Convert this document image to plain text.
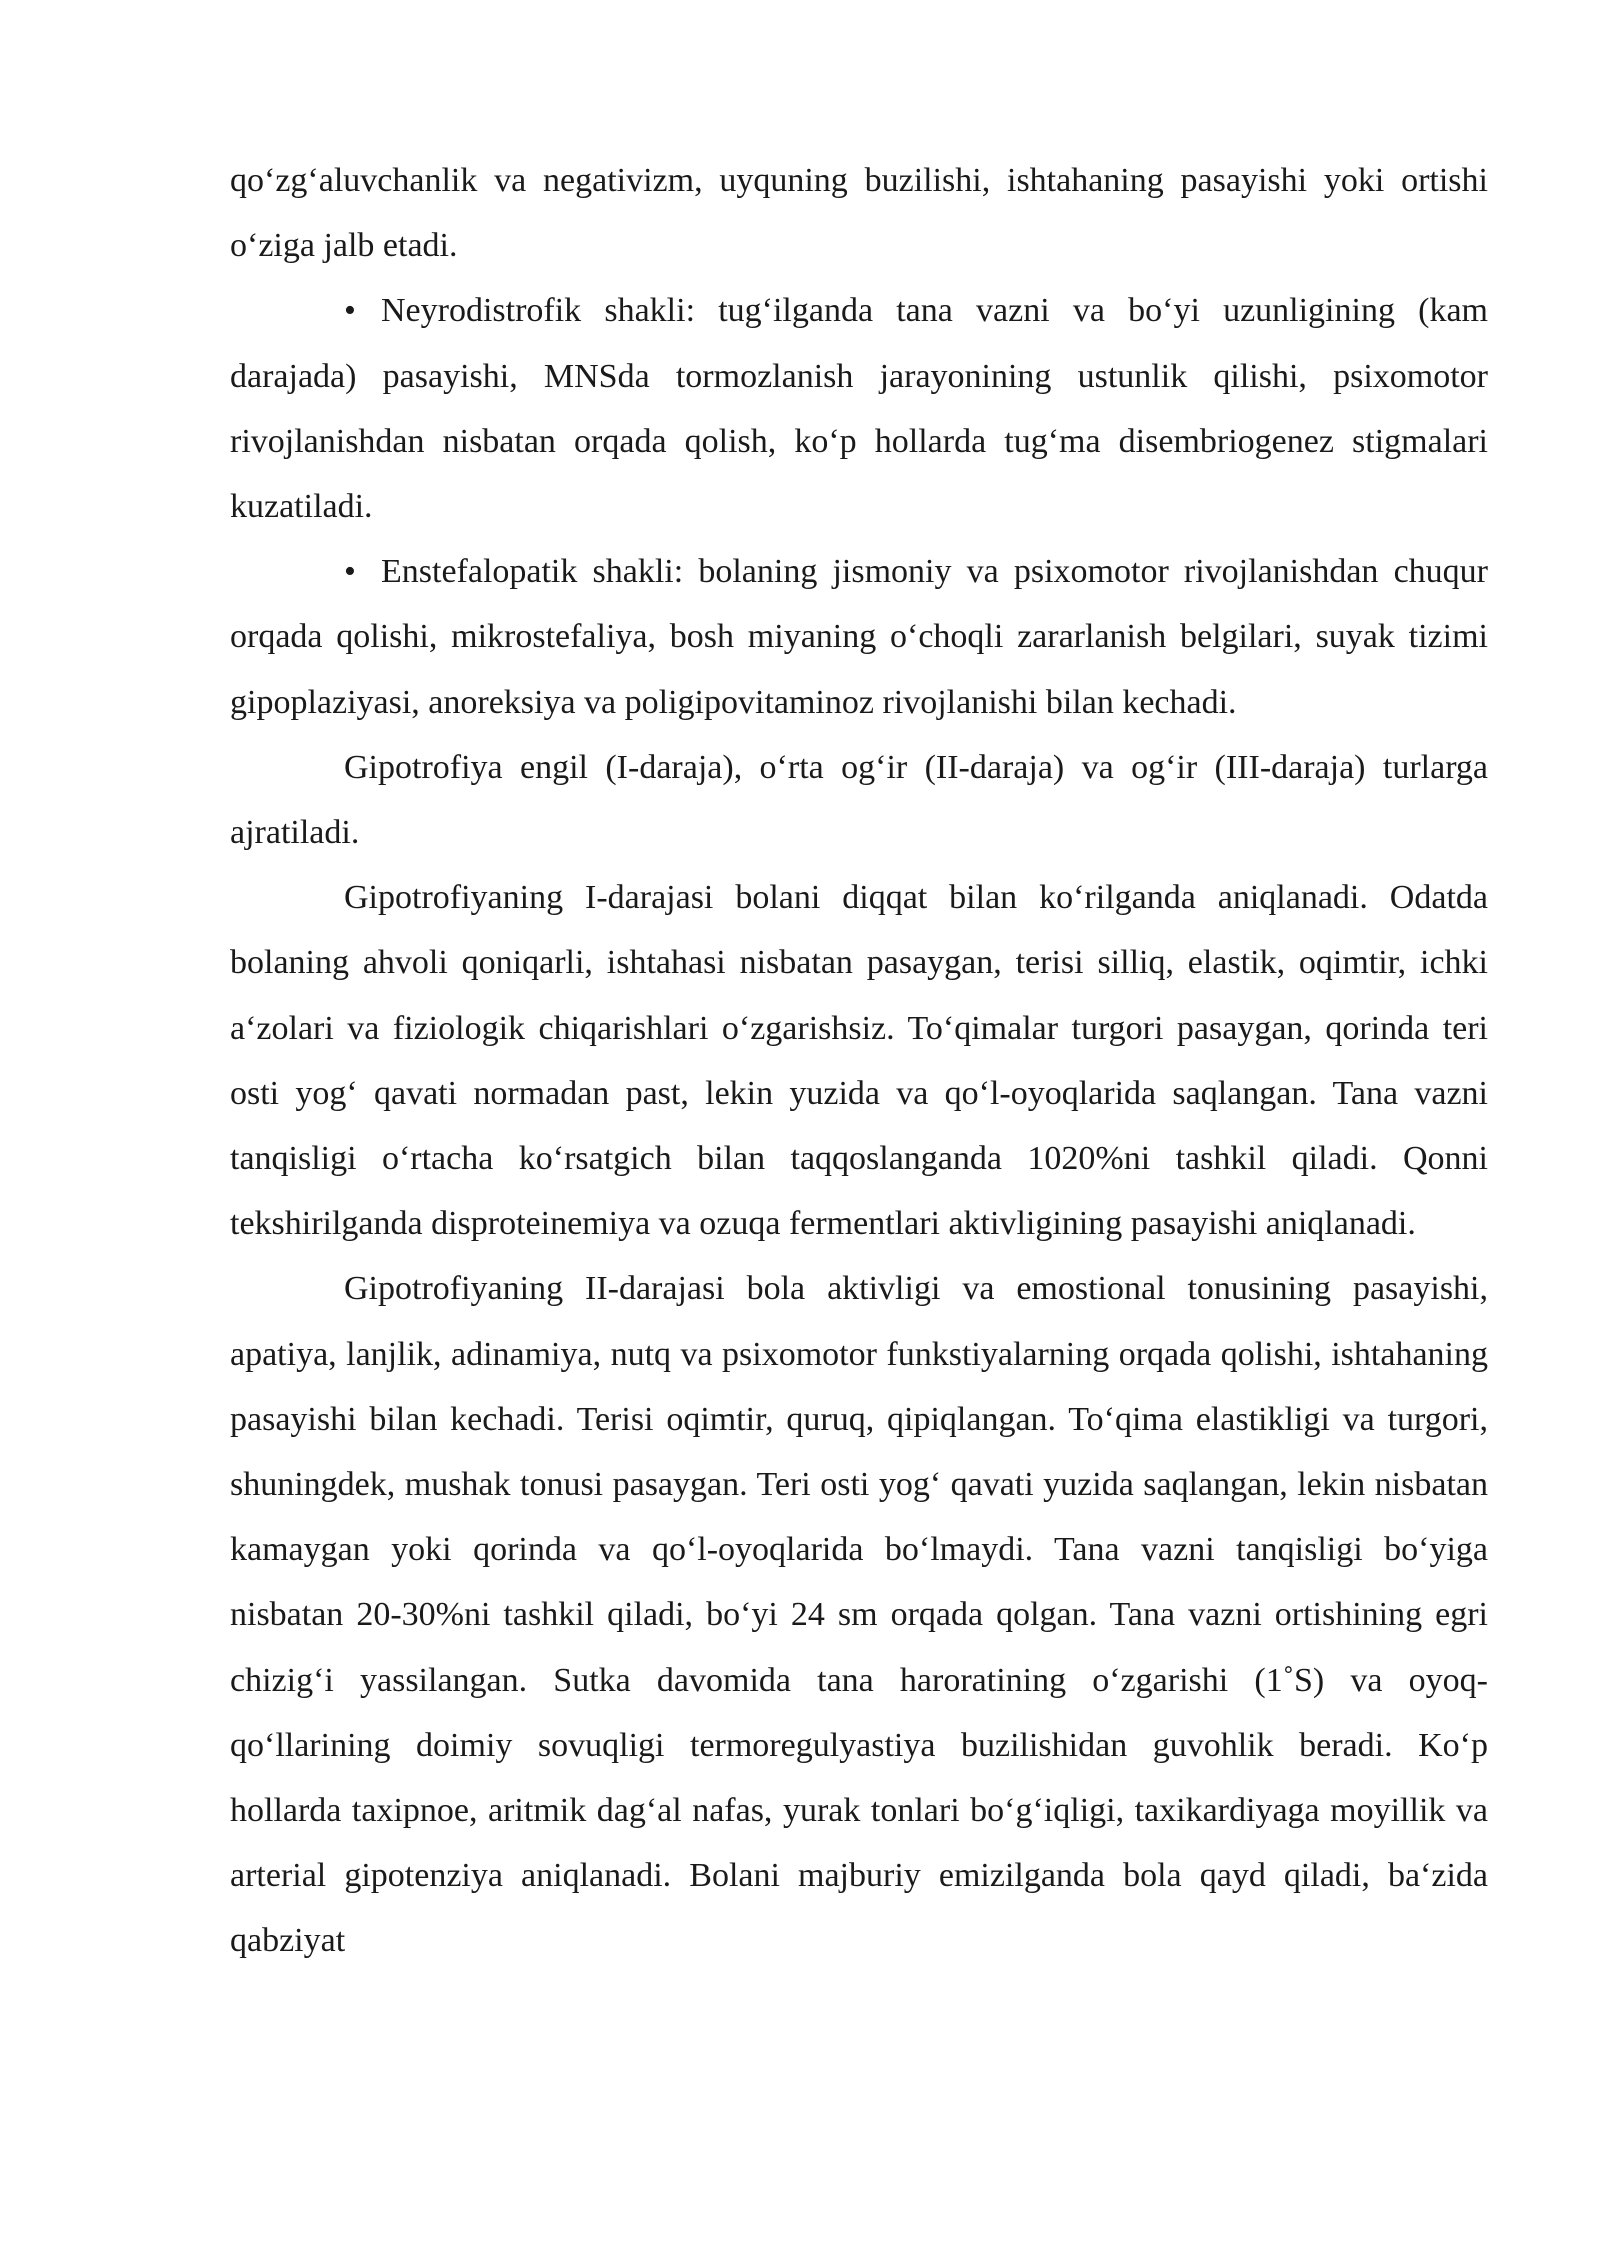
qo‘zg‘aluvchanlik va negativizm, uyquning buzilishi, ishtahaning pasayishi yoki ortishi o‘ziga jalb etadi.

• Neyrodistrofik shakli: tug‘ilganda tana vazni va bo‘yi uzunligining (kam darajada) pasayishi, MNSda tormozlanish jarayonining ustunlik qilishi, psixomotor rivojlanishdan nisbatan orqada qolish, ko‘p hollarda tug‘ma disembriogenez stigmalari kuzatiladi.

• Enstefalopatik shakli: bolaning jismoniy va psixomotor rivojlanishdan chuqur orqada qolishi, mikrostefaliya, bosh miyaning o‘choqli zararlanish belgilari, suyak tizimi gipoplaziyasi, anoreksiya va poligipovitaminoz rivojlanishi bilan kechadi.

Gipotrofiya engil (I-daraja), o‘rta og‘ir (II-daraja) va og‘ir (III-daraja) turlarga ajratiladi.

Gipotrofiyaning I-darajasi bolani diqqat bilan ko‘rilganda aniqlanadi. Odatda bolaning ahvoli qoniqarli, ishtahasi nisbatan pasaygan, terisi silliq, elastik, oqimtir, ichki a‘zolari va fiziologik chiqarishlari o‘zgarishsiz. To‘qimalar turgori pasaygan, qorinda teri osti yog‘ qavati normadan past, lekin yuzida va qo‘l-oyoqlarida saqlangan. Tana vazni tanqisligi o‘rtacha ko‘rsatgich bilan taqqoslanganda 1020%ni tashkil qiladi. Qonni tekshirilganda disproteinemiya va ozuqa fermentlari aktivligining pasayishi aniqlanadi.

Gipotrofiyaning II-darajasi bola aktivligi va emostional tonusining pasayishi, apatiya, lanjlik, adinamiya, nutq va psixomotor funkstiyalarning orqada qolishi, ishtahaning pasayishi bilan kechadi. Terisi oqimtir, quruq, qipiqlangan. To‘qima elastikligi va turgori, shuningdek, mushak tonusi pasaygan. Teri osti yog‘ qavati yuzida saqlangan, lekin nisbatan kamaygan yoki qorinda va qo‘l-oyoqlarida bo‘lmaydi. Tana vazni tanqisligi bo‘yiga nisbatan 20-30%ni tashkil qiladi, bo‘yi 24 sm orqada qolgan. Tana vazni ortishining egri chizig‘i yassilangan. Sutka davomida tana haroratining o‘zgarishi (1˚S) va oyoq-qo‘llarining doimiy sovuqligi termoregulyastiya buzilishidan guvohlik beradi. Ko‘p hollarda taxipnoe, aritmik dag‘al nafas, yurak tonlari bo‘g‘iqligi, taxikardiyaga moyillik va arterial gipotenziya aniqlanadi. Bolani majburiy emizilganda bola qayd qiladi, ba‘zida qabziyat
